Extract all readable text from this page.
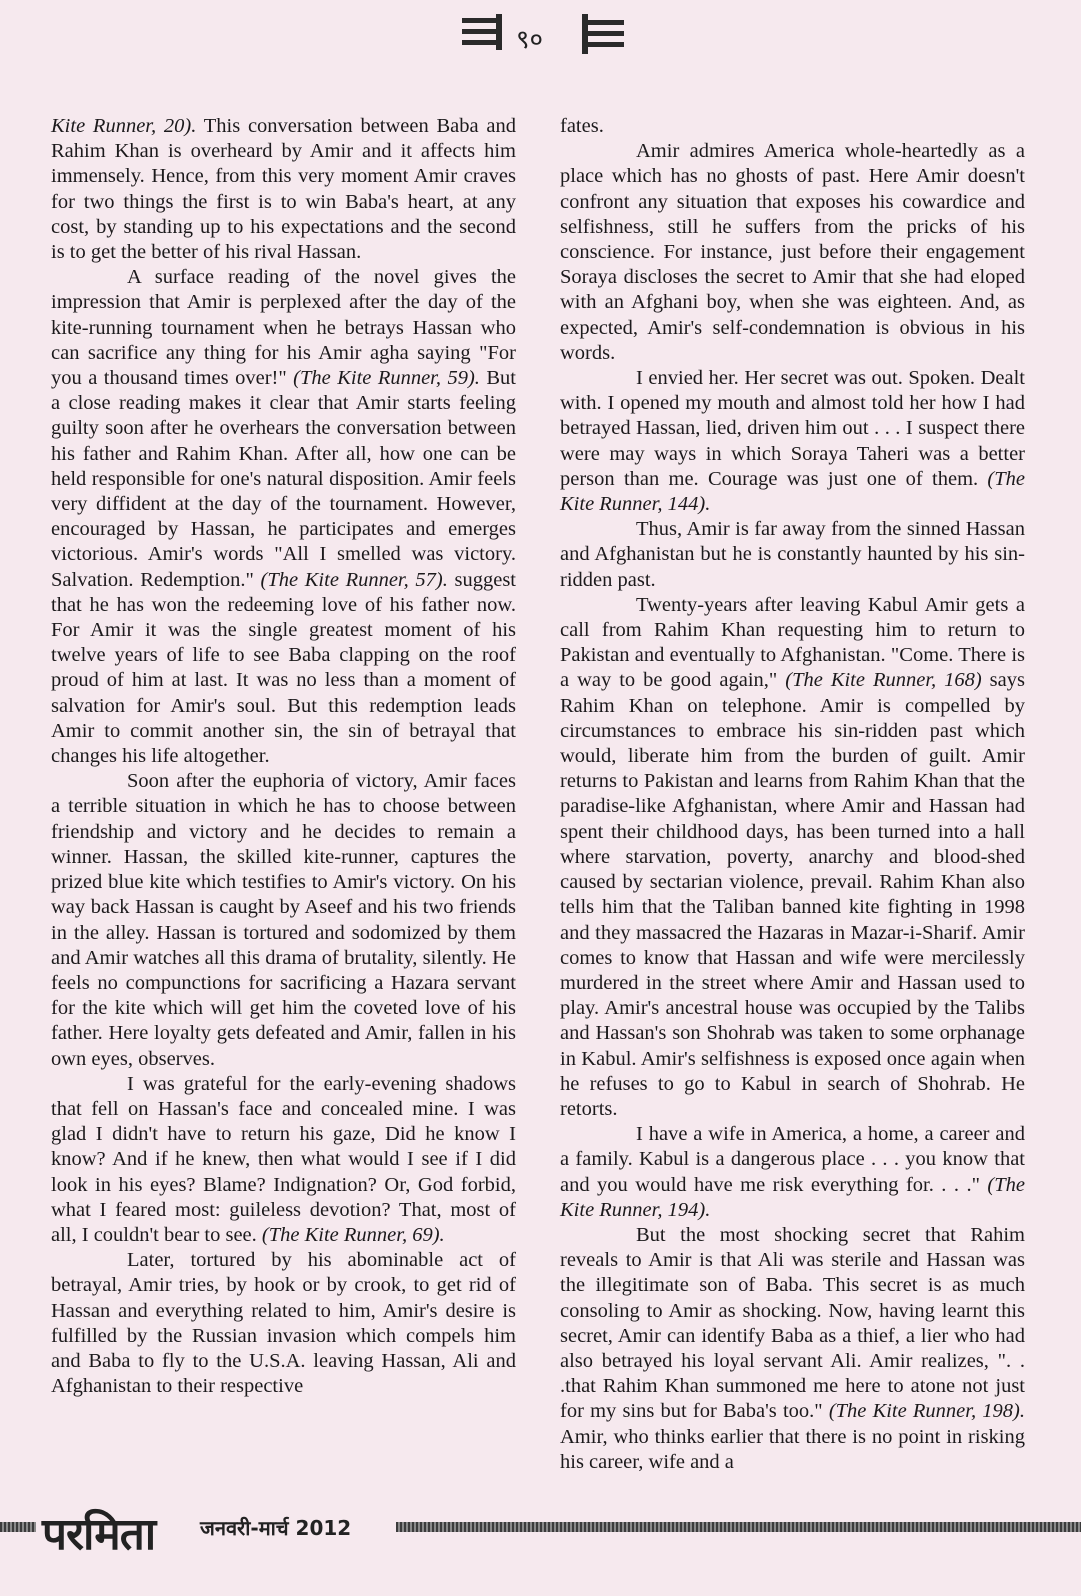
९०

Kite Runner, 20). This conversation between Baba and Rahim Khan is overheard by Amir and it affects him immensely. Hence, from this very moment Amir craves for two things the first is to win Baba's heart, at any cost, by standing up to his expectations and the second is to get the better of his rival Hassan.

A surface reading of the novel gives the impression that Amir is perplexed after the day of the kite-running tournament when he betrays Hassan who can sacrifice any thing for his Amir agha saying "For you a thousand times over!" (The Kite Runner, 59). But a close reading makes it clear that Amir starts feeling guilty soon after he overhears the conversation between his father and Rahim Khan. After all, how one can be held responsible for one's natural disposition. Amir feels very diffident at the day of the tournament. However, encouraged by Hassan, he participates and emerges victorious. Amir's words "All I smelled was victory. Salvation. Redemption." (The Kite Runner, 57). suggest that he has won the redeeming love of his father now. For Amir it was the single greatest moment of his twelve years of life to see Baba clapping on the roof proud of him at last. It was no less than a moment of salvation for Amir's soul. But this redemption leads Amir to commit another sin, the sin of betrayal that changes his life altogether.

Soon after the euphoria of victory, Amir faces a terrible situation in which he has to choose between friendship and victory and he decides to remain a winner. Hassan, the skilled kite-runner, captures the prized blue kite which testifies to Amir's victory. On his way back Hassan is caught by Aseef and his two friends in the alley. Hassan is tortured and sodomized by them and Amir watches all this drama of brutality, silently. He feels no compunctions for sacrificing a Hazara servant for the kite which will get him the coveted love of his father. Here loyalty gets defeated and Amir, fallen in his own eyes, observes.

I was grateful for the early-evening shadows that fell on Hassan's face and concealed mine. I was glad I didn't have to return his gaze, Did he know I know? And if he knew, then what would I see if I did look in his eyes? Blame? Indignation? Or, God forbid, what I feared most: guileless devotion? That, most of all, I couldn't bear to see. (The Kite Runner, 69).

Later, tortured by his abominable act of betrayal, Amir tries, by hook or by crook, to get rid of Hassan and everything related to him, Amir's desire is fulfilled by the Russian invasion which compels him and Baba to fly to the U.S.A. leaving Hassan, Ali and Afghanistan to their respective

fates.

Amir admires America whole-heartedly as a place which has no ghosts of past. Here Amir doesn't confront any situation that exposes his cowardice and selfishness, still he suffers from the pricks of his conscience. For instance, just before their engagement Soraya discloses the secret to Amir that she had eloped with an Afghani boy, when she was eighteen. And, as expected, Amir's self-condemnation is obvious in his words.

I envied her. Her secret was out. Spoken. Dealt with. I opened my mouth and almost told her how I had betrayed Hassan, lied, driven him out . . . I suspect there were may ways in which Soraya Taheri was a better person than me. Courage was just one of them. (The Kite Runner, 144).

Thus, Amir is far away from the sinned Hassan and Afghanistan but he is constantly haunted by his sin-ridden past.

Twenty-years after leaving Kabul Amir gets a call from Rahim Khan requesting him to return to Pakistan and eventually to Afghanistan. "Come. There is a way to be good again," (The Kite Runner, 168) says Rahim Khan on telephone. Amir is compelled by circumstances to embrace his sin-ridden past which would, liberate him from the burden of guilt. Amir returns to Pakistan and learns from Rahim Khan that the paradise-like Afghanistan, where Amir and Hassan had spent their childhood days, has been turned into a hall where starvation, poverty, anarchy and blood-shed caused by sectarian violence, prevail. Rahim Khan also tells him that the Taliban banned kite fighting in 1998 and they massacred the Hazaras in Mazar-i-Sharif. Amir comes to know that Hassan and wife were mercilessly murdered in the street where Amir and Hassan used to play. Amir's ancestral house was occupied by the Talibs and Hassan's son Shohrab was taken to some orphanage in Kabul. Amir's selfishness is exposed once again when he refuses to go to Kabul in search of Shohrab. He retorts.

I have a wife in America, a home, a career and a family. Kabul is a dangerous place . . . you know that and you would have me risk everything for. . . ." (The Kite Runner, 194).

But the most shocking secret that Rahim reveals to Amir is that Ali was sterile and Hassan was the illegitimate son of Baba. This secret is as much consoling to Amir as shocking. Now, having learnt this secret, Amir can identify Baba as a thief, a lier who had also betrayed his loyal servant Ali. Amir realizes, ". . .that Rahim Khan summoned me here to atone not just for my sins but for Baba's too." (The Kite Runner, 198). Amir, who thinks earlier that there is no point in risking his career, wife and a

परमिता जनवरी-मार्च 2012
